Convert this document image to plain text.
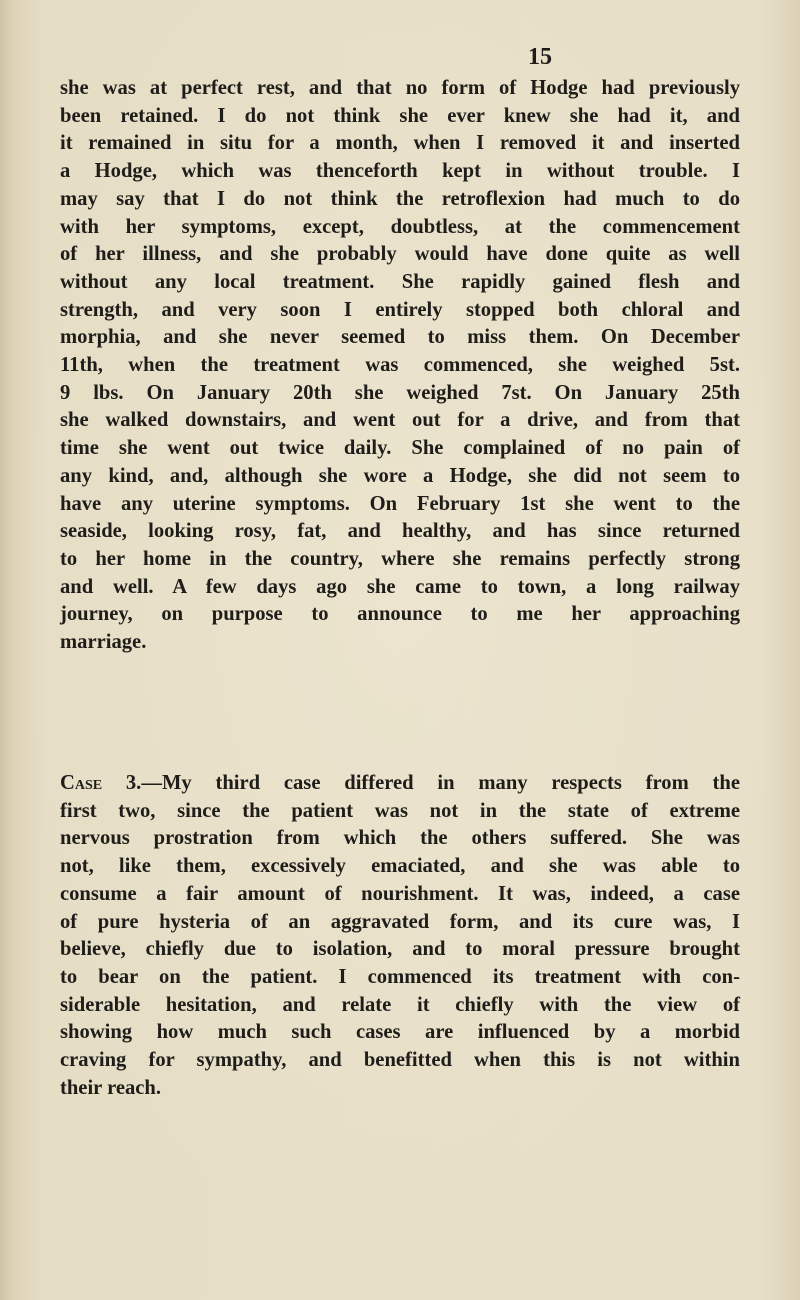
15
she was at perfect rest, and that no form of Hodge had previously
been retained. I do not think she ever knew she had it, and
it remained in situ for a month, when I removed it and inserted
a Hodge, which was thenceforth kept in without trouble. I
may say that I do not think the retroflexion had much to do
with her symptoms, except, doubtless, at the commencement
of her illness, and she probably would have done quite as well
without any local treatment. She rapidly gained flesh and
strength, and very soon I entirely stopped both chloral and
morphia, and she never seemed to miss them. On December
11th, when the treatment was commenced, she weighed 5st.
9 lbs. On January 20th she weighed 7st. On January 25th
she walked downstairs, and went out for a drive, and from that
time she went out twice daily. She complained of no pain of
any kind, and, although she wore a Hodge, she did not seem to
have any uterine symptoms. On February 1st she went to the
seaside, looking rosy, fat, and healthy, and has since returned
to her home in the country, where she remains perfectly strong
and well. A few days ago she came to town, a long railway
journey, on purpose to announce to me her approaching
marriage.
Case 3.—My third case differed in many respects from the
first two, since the patient was not in the state of extreme
nervous prostration from which the others suffered. She was
not, like them, excessively emaciated, and she was able to
consume a fair amount of nourishment. It was, indeed, a case
of pure hysteria of an aggravated form, and its cure was, I
believe, chiefly due to isolation, and to moral pressure brought
to bear on the patient. I commenced its treatment with con-
siderable hesitation, and relate it chiefly with the view of
showing how much such cases are influenced by a morbid
craving for sympathy, and benefitted when this is not within
their reach.
